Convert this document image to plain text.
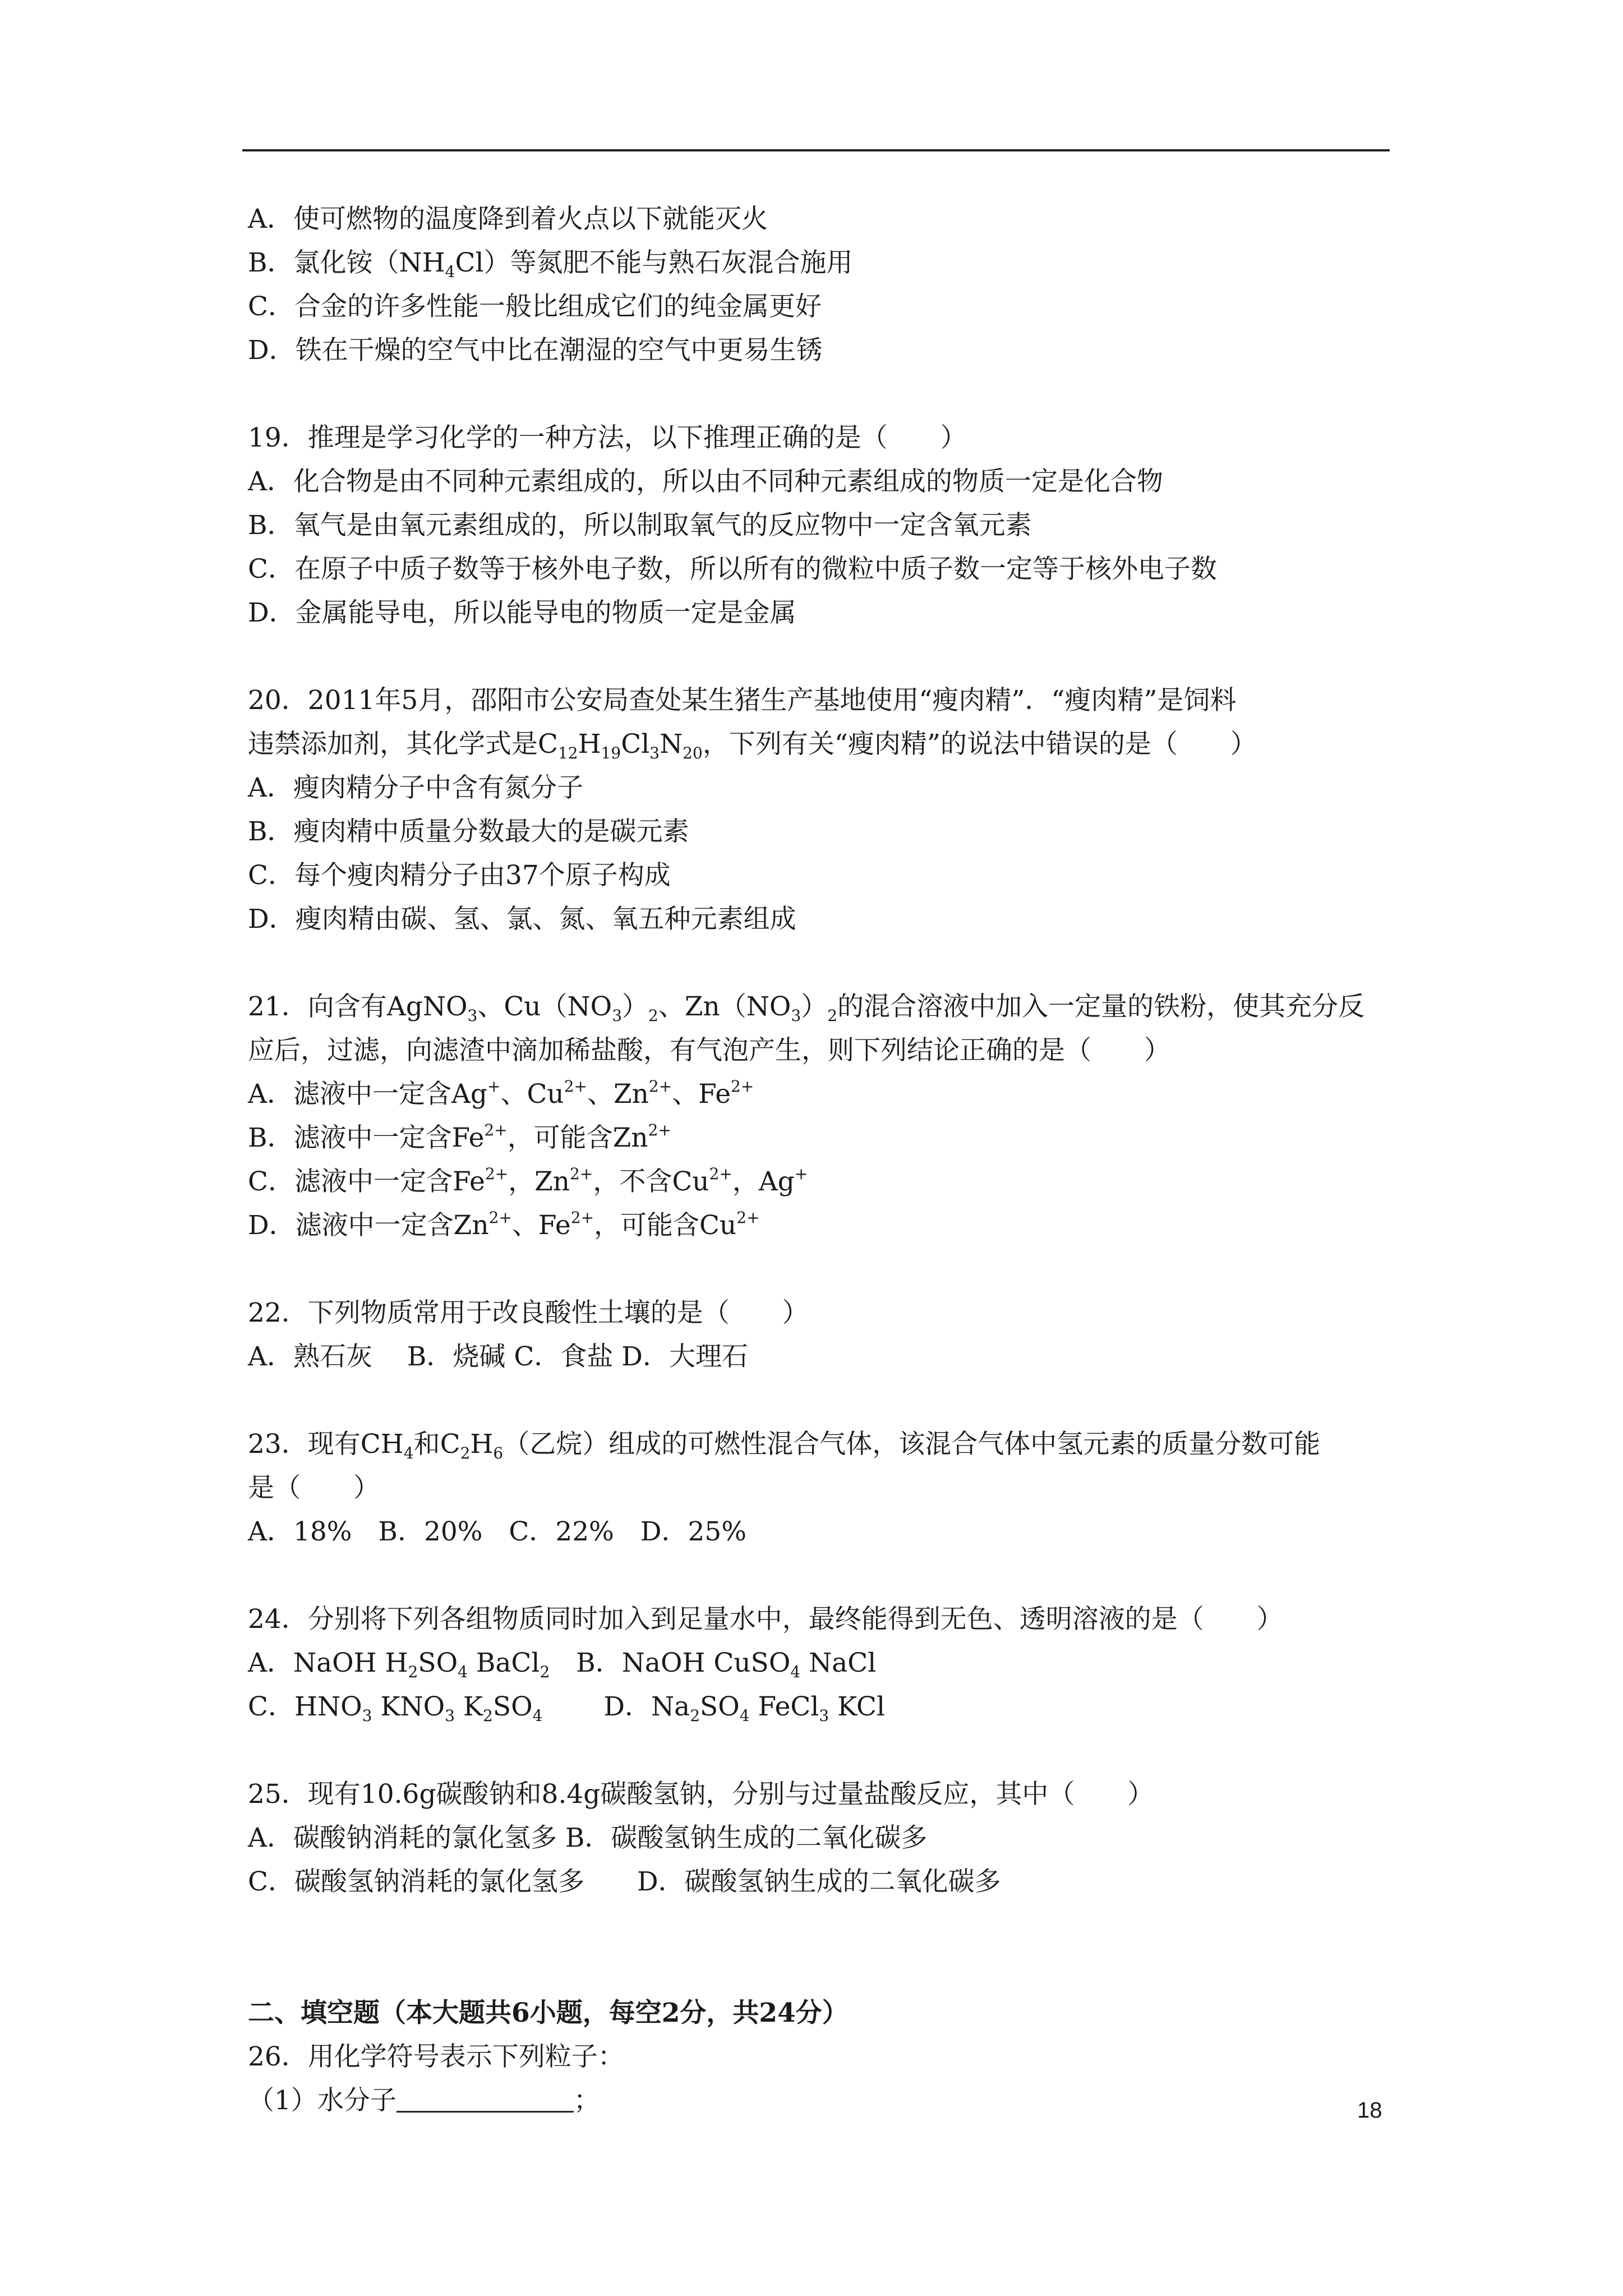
A．使可燃物的温度降到着火点以下就能灭火
B．氯化铵$(NH_4Cl)$等氮肥不能与熟石灰混合施用
C．合金的许多性能一般比组成它们的纯金属更好
D．铁在干燥的空气中比在潮湿的空气中更易生锈
19．推理是学习化学的一种方法，以下推理正确的是（　　）
A．化合物是由不同种元素组成的，所以由不同种元素组成的物质一定是化合物
B．氧气是由氧元素组成的，所以制取氧气的反应物中一定含氧元素
C．在原子中质子数等于核外电子数，所以所有的微粒中质子数一定等于核外电子数
D．金属能导电，所以能导电的物质一定是金属
20．2011年5月，邵阳市公安局查处某生猪生产基地使用“瘦肉精”．“瘦肉精”是饲料
违禁添加剂，其化学式是$C_{12}H_{19}Cl_3N_{20}$，下列有关“瘦肉精”的说法中错误的是（　　）
A．瘦肉精分子中含有氮分子
B．瘦肉精中质量分数最大的是碳元素
C．每个瘦肉精分子由37个原子构成
D．瘦肉精由碳、氢、氯、氮、氧五种元素组成
21．向含有AgNO$_3$、$Cu(NO_3)_2$、$Zn(NO_3)_2$的混合溶液中加入一定量的铁粉，使其充分反
应后，过滤，向滤渣中滴加稀盐酸，有气泡产生，则下列结论正确的是（　　）
A．滤液中一定含Ag+、$Cu^{2+}$、$Zn^{2+}$、$Fe^{2+}$
B．滤液中一定含$Fe^{2+}$，可能含$Zn^{2+}$
C．滤液中一定含$Fe^{2+}$，$Zn^{2+}$，不含$Cu^{2+}$，Ag+
D．滤液中一定含$Zn^{2+}$、$Fe^{2+}$，可能含$Cu^{2+}$
22．下列物质常用于改良酸性土壤的是（　　）
A．熟石灰　 B．烧碱 C．食盐 D．大理石
23．现有$CH_4$和$C_2H_6$（乙烷）组成的可燃性混合气体，该混合气体中氢元素的质量分数可能
是（　　）
A．18%　B．20%　C．22%　D．25%
24．分别将下列各组物质同时加入到足量水中，最终能得到无色、透明溶液的是（　　）
A．NaOH $H_2SO_4$ BaCl$_2$　B．NaOH CuSO$_4$ NaCl
C．$HNO_3$ $KNO_3$ $K_2SO_4$　　 D．$Na_2SO_4$ FeCl$_3$ KCl
25．现有10.6g碳酸钠和8.4g碳酸氢钠，分别与过量盐酸反应，其中（　　）
A．碳酸钠消耗的氯化氢多 B．碳酸氢钠生成的二氧化碳多
C．碳酸氢钠消耗的氯化氢多　　D．碳酸氢钠生成的二氧化碳多
二、填空题（本大题共6小题，每空2分，共24分）
26．用化学符号表示下列粒子：
（1）水分子	；	18
